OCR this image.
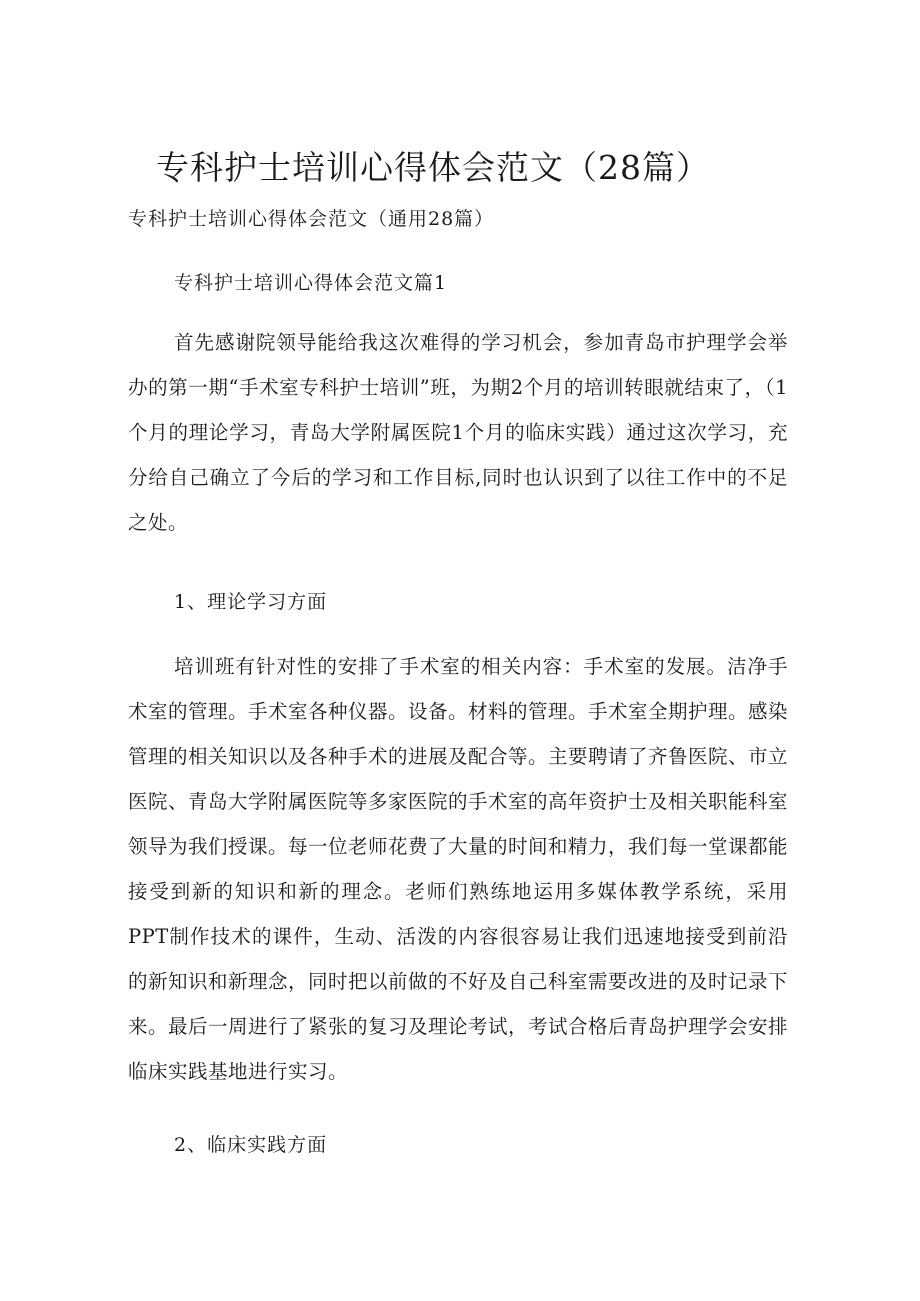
专科护士培训心得体会范文（28篇）

专科护士培训心得体会范文（通用28篇）

专科护士培训心得体会范文篇1

首先感谢院领导能给我这次难得的学习机会，参加青岛市护理学会举办的第一期“手术室专科护士培训”班，为期2个月的培训转眼就结束了，（1个月的理论学习，青岛大学附属医院1个月的临床实践）通过这次学习，充分给自己确立了今后的学习和工作目标,同时也认识到了以往工作中的不足之处。

1、理论学习方面

培训班有针对性的安排了手术室的相关内容：手术室的发展。洁净手术室的管理。手术室各种仪器。设备。材料的管理。手术室全期护理。感染管理的相关知识以及各种手术的进展及配合等。主要聘请了齐鲁医院、市立医院、青岛大学附属医院等多家医院的手术室的高年资护士及相关职能科室领导为我们授课。每一位老师花费了大量的时间和精力，我们每一堂课都能接受到新的知识和新的理念。老师们熟练地运用多媒体教学系统，采用PPT制作技术的课件，生动、活泼的内容很容易让我们迅速地接受到前沿的新知识和新理念，同时把以前做的不好及自己科室需要改进的及时记录下来。最后一周进行了紧张的复习及理论考试，考试合格后青岛护理学会安排临床实践基地进行实习。

2、临床实践方面
